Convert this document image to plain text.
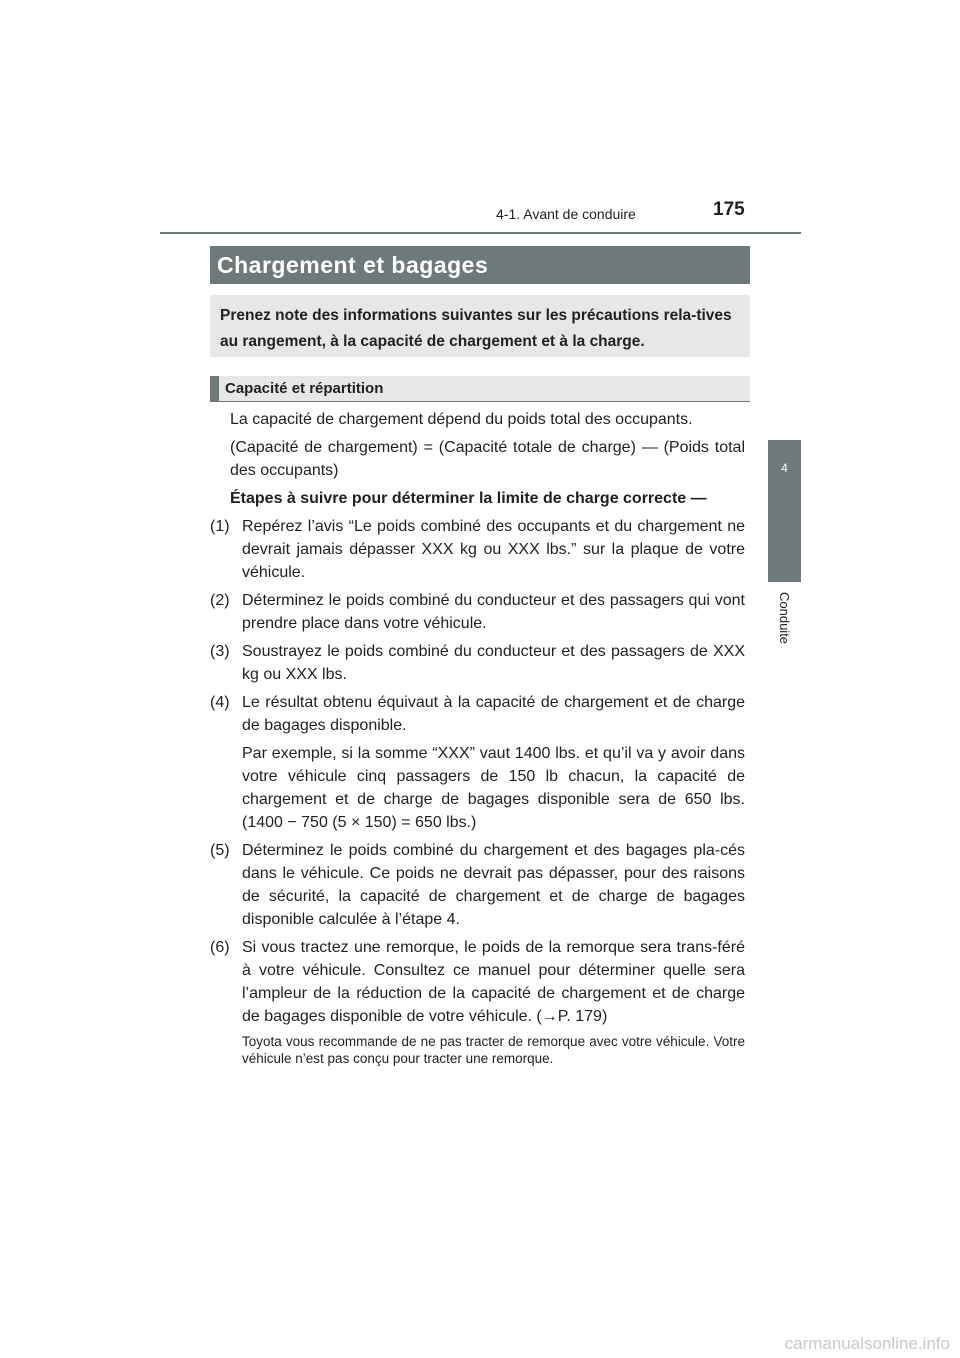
4-1. Avant de conduire	175
4
Conduite
Chargement et bagages
Prenez note des informations suivantes sur les précautions rela-tives au rangement, à la capacité de chargement et à la charge.
Capacité et répartition

La capacité de chargement dépend du poids total des occupants.

(Capacité de chargement) = (Capacité totale de charge) — (Poids total des occupants)

Étapes à suivre pour déterminer la limite de charge correcte —

(1) Repérez l’avis “Le poids combiné des occupants et du chargement ne devrait jamais dépasser XXX kg ou XXX lbs.” sur la plaque de votre véhicule.
(2) Déterminez le poids combiné du conducteur et des passagers qui vont prendre place dans votre véhicule.
(3) Soustrayez le poids combiné du conducteur et des passagers de XXX kg ou XXX lbs.
(4) Le résultat obtenu équivaut à la capacité de chargement et de charge de bagages disponible.

Par exemple, si la somme “XXX” vaut 1400 lbs. et qu’il va y avoir dans votre véhicule cinq passagers de 150 lb chacun, la capacité de chargement et de charge de bagages disponible sera de 650 lbs. (1400 − 750 (5 × 150) = 650 lbs.)

(5) Déterminez le poids combiné du chargement et des bagages pla-cés dans le véhicule. Ce poids ne devrait pas dépasser, pour des raisons de sécurité, la capacité de chargement et de charge de bagages disponible calculée à l’étape 4.
(6) Si vous tractez une remorque, le poids de la remorque sera trans-féré à votre véhicule. Consultez ce manuel pour déterminer quelle sera l’ampleur de la réduction de la capacité de chargement et de charge de bagages disponible de votre véhicule. (→P. 179)

Toyota vous recommande de ne pas tracter de remorque avec votre véhicule. Votre véhicule n’est pas conçu pour tracter une remorque.

carmanualsonline.info
